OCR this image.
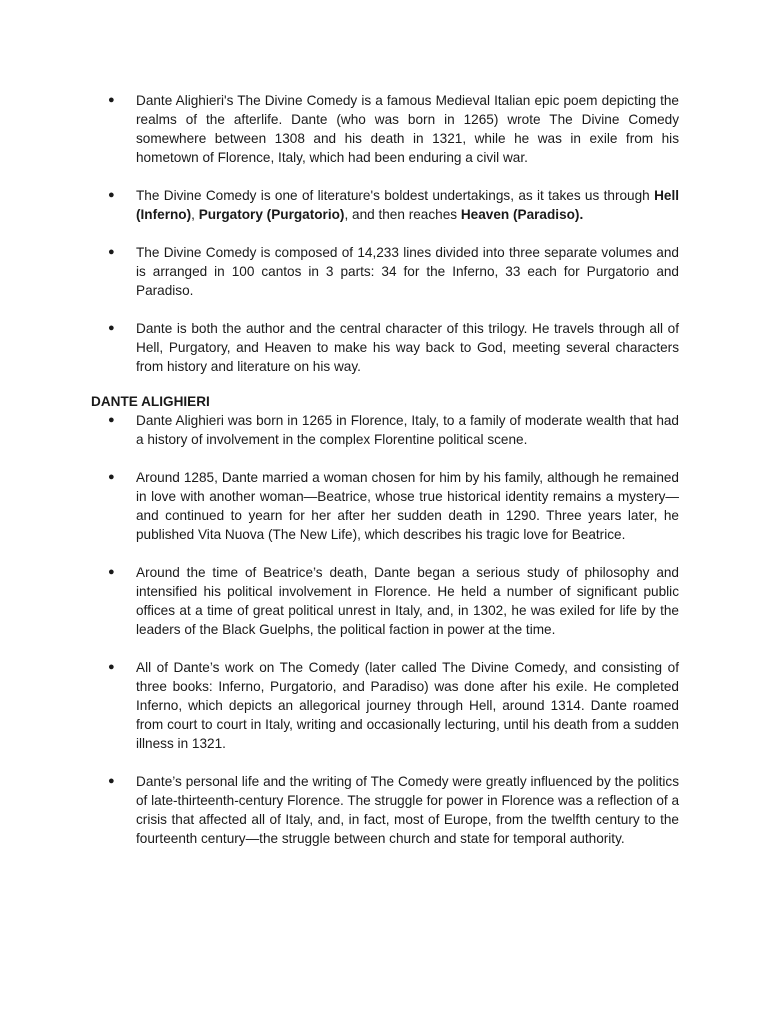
●	Dante Alighieri's The Divine Comedy is a famous Medieval Italian epic poem depicting the realms of the afterlife. Dante (who was born in 1265) wrote The Divine Comedy somewhere between 1308 and his death in 1321, while he was in exile from his hometown of Florence, Italy, which had been enduring a civil war.
●	The Divine Comedy is one of literature's boldest undertakings, as it takes us through Hell (Inferno), Purgatory (Purgatorio), and then reaches Heaven (Paradiso).
●	The Divine Comedy is composed of 14,233 lines divided into three separate volumes and is arranged in 100 cantos in 3 parts: 34 for the Inferno, 33 each for Purgatorio and Paradiso.
●	Dante is both the author and the central character of this trilogy. He travels through all of Hell, Purgatory, and Heaven to make his way back to God, meeting several characters from history and literature on his way.
DANTE ALIGHIERI
●	Dante Alighieri was born in 1265 in Florence, Italy, to a family of moderate wealth that had a history of involvement in the complex Florentine political scene.
●	Around 1285, Dante married a woman chosen for him by his family, although he remained in love with another woman—Beatrice, whose true historical identity remains a mystery—and continued to yearn for her after her sudden death in 1290. Three years later, he published Vita Nuova (The New Life), which describes his tragic love for Beatrice.
●	Around the time of Beatrice’s death, Dante began a serious study of philosophy and intensified his political involvement in Florence. He held a number of significant public offices at a time of great political unrest in Italy, and, in 1302, he was exiled for life by the leaders of the Black Guelphs, the political faction in power at the time.
●	All of Dante’s work on The Comedy (later called The Divine Comedy, and consisting of three books: Inferno, Purgatorio, and Paradiso) was done after his exile. He completed Inferno, which depicts an allegorical journey through Hell, around 1314. Dante roamed from court to court in Italy, writing and occasionally lecturing, until his death from a sudden illness in 1321.
●	Dante’s personal life and the writing of The Comedy were greatly influenced by the politics of late-thirteenth-century Florence. The struggle for power in Florence was a reflection of a crisis that affected all of Italy, and, in fact, most of Europe, from the twelfth century to the fourteenth century—the struggle between church and state for temporal authority.
